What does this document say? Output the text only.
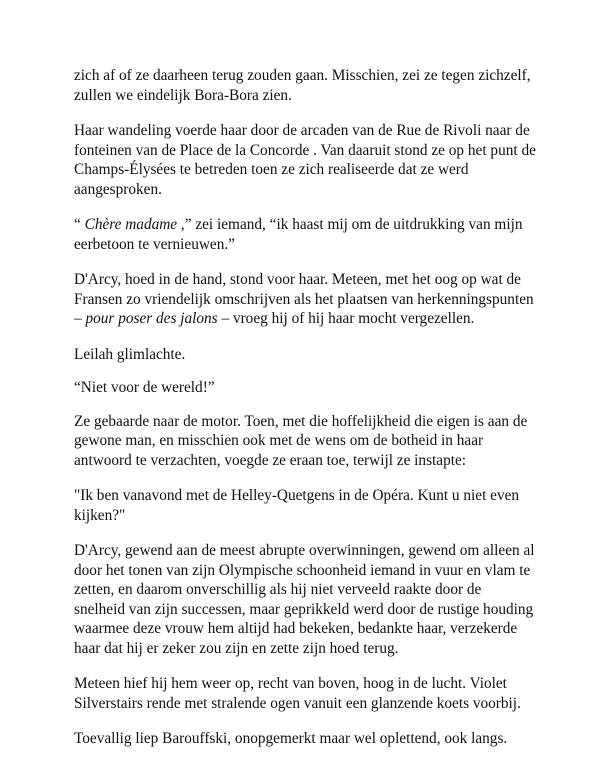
zich af of ze daarheen terug zouden gaan. Misschien, zei ze tegen zichzelf, zullen we eindelijk Bora-Bora zien.

Haar wandeling voerde haar door de arcaden van de Rue de Rivoli naar de fonteinen van de Place de la Concorde . Van daaruit stond ze op het punt de Champs-Élysées te betreden toen ze zich realiseerde dat ze werd aangesproken.

“ Chère madame ,” zei iemand, “ik haast mij om de uitdrukking van mijn eerbetoon te vernieuwen.”

D'Arcy, hoed in de hand, stond voor haar. Meteen, met het oog op wat de Fransen zo vriendelijk omschrijven als het plaatsen van herkenningspunten – pour poser des jalons – vroeg hij of hij haar mocht vergezellen.

Leilah glimlachte.

“Niet voor de wereld!”

Ze gebaarde naar de motor. Toen, met die hoffelijkheid die eigen is aan de gewone man, en misschien ook met de wens om de botheid in haar antwoord te verzachten, voegde ze eraan toe, terwijl ze instapte:

"Ik ben vanavond met de Helley-Quetgens in de Opéra. Kunt u niet even kijken?"

D'Arcy, gewend aan de meest abrupte overwinningen, gewend om alleen al door het tonen van zijn Olympische schoonheid iemand in vuur en vlam te zetten, en daarom onverschillig als hij niet verveeld raakte door de snelheid van zijn successen, maar geprikkeld werd door de rustige houding waarmee deze vrouw hem altijd had bekeken, bedankte haar, verzekerde haar dat hij er zeker zou zijn en zette zijn hoed terug.

Meteen hief hij hem weer op, recht van boven, hoog in de lucht. Violet Silverstairs rende met stralende ogen vanuit een glanzende koets voorbij.

Toevallig liep Barouffski, onopgemerkt maar wel oplettend, ook langs.
